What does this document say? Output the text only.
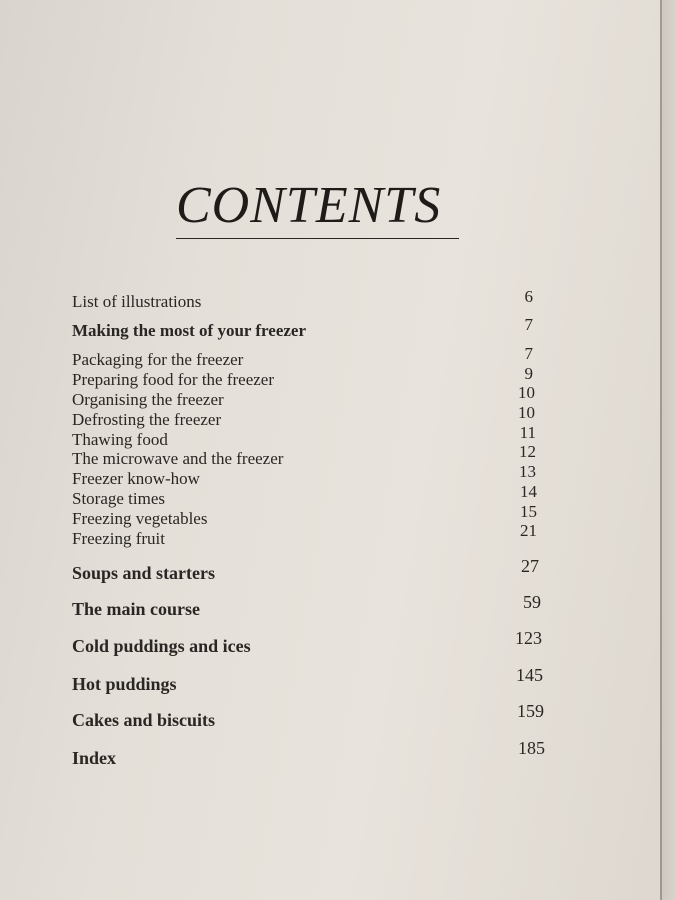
CONTENTS
List of illustrations	6
Making the most of your freezer	7
Packaging for the freezer	7
Preparing food for the freezer	9
Organising the freezer	10
Defrosting the freezer	10
Thawing food	11
The microwave and the freezer	12
Freezer know-how	13
Storage times	14
Freezing vegetables	15
Freezing fruit	21
Soups and starters	27
The main course	59
Cold puddings and ices	123
Hot puddings	145
Cakes and biscuits	159
Index	185
